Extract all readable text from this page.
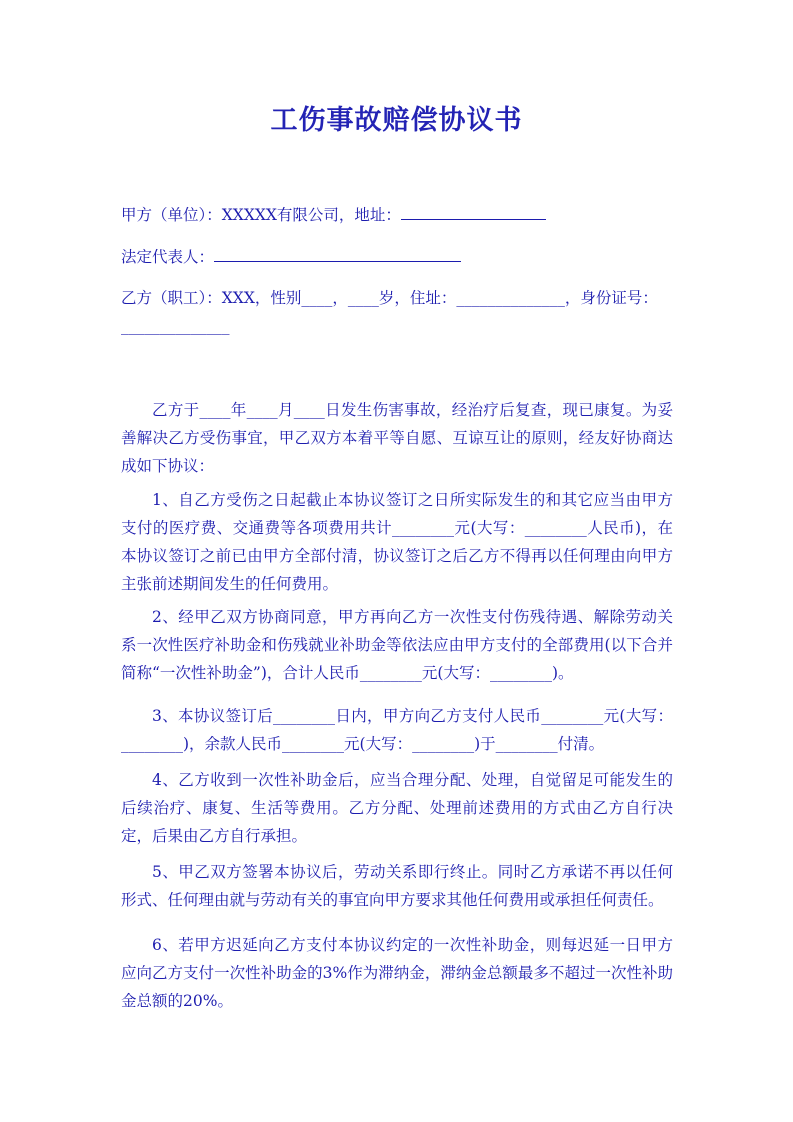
工伤事故赔偿协议书
甲方（单位）：XXXXX有限公司，地址：
法定代表人：
乙方（职工）：XXX，性别____，____岁，住址：______________，身份证号：
______________
乙方于____年____月____日发生伤害事故，经治疗后复查，现已康复。为妥善解决乙方受伤事宜，甲乙双方本着平等自愿、互谅互让的原则，经友好协商达成如下协议：
1、自乙方受伤之日起截止本协议签订之日所实际发生的和其它应当由甲方支付的医疗费、交通费等各项费用共计________元(大写：________人民币)，在本协议签订之前已由甲方全部付清，协议签订之后乙方不得再以任何理由向甲方主张前述期间发生的任何费用。
2、经甲乙双方协商同意，甲方再向乙方一次性支付伤残待遇、解除劳动关系一次性医疗补助金和伤残就业补助金等依法应由甲方支付的全部费用(以下合并简称“一次性补助金”)，合计人民币________元(大写：________)。
3、本协议签订后________日内，甲方向乙方支付人民币________元(大写：________)，余款人民币________元(大写：________)于________付清。
4、乙方收到一次性补助金后，应当合理分配、处理，自觉留足可能发生的后续治疗、康复、生活等费用。乙方分配、处理前述费用的方式由乙方自行决定，后果由乙方自行承担。
5、甲乙双方签署本协议后，劳动关系即行终止。同时乙方承诺不再以任何形式、任何理由就与劳动有关的事宜向甲方要求其他任何费用或承担任何责任。
6、若甲方迟延向乙方支付本协议约定的一次性补助金，则每迟延一日甲方应向乙方支付一次性补助金的3%作为滞纳金，滞纳金总额最多不超过一次性补助金总额的20%。
